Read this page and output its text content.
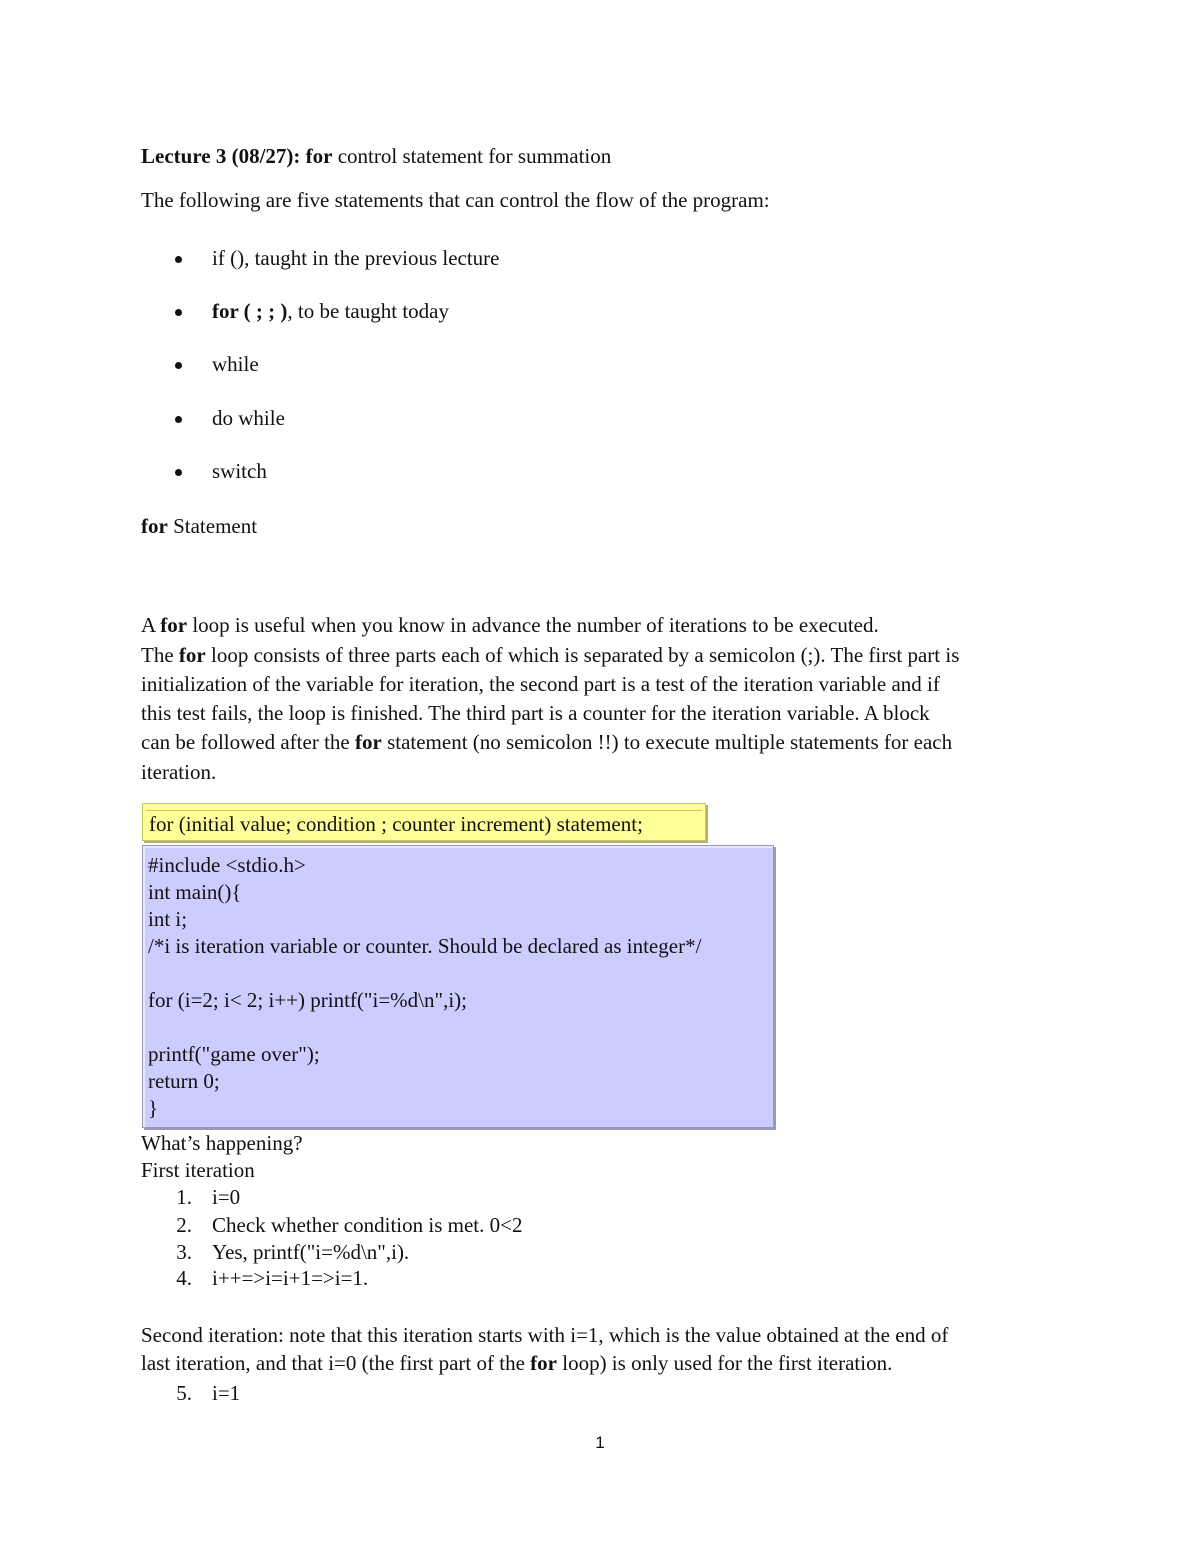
Lecture 3 (08/27): for control statement for summation
The following are five statements that can control the flow of the program:
if (), taught in the previous lecture
for ( ; ; ), to be taught today
while
do while
switch
for Statement
A for loop is useful when you know in advance the number of iterations to be executed.
The for loop consists of three parts each of which is separated by a semicolon (;). The first part is
initialization of the variable for iteration, the second part is a test of the iteration variable and if
this test fails, the loop is finished. The third part is a counter for the iteration variable. A block
can be followed after the for statement (no semicolon !!) to execute multiple statements for each
iteration.
for (initial value; condition ; counter increment) statement;
#include <stdio.h>
int main(){
int i;
/*i is iteration variable or counter. Should be declared as integer*/
for (i=2; i< 2; i++) printf("i=%d\n",i);
printf("game over");
return 0;
}
What’s happening?
First iteration
1. i=0
2. Check whether condition is met. 0<2
3. Yes, printf("i=%d\n",i).
4. i++=>i=i+1=>i=1.
Second iteration: note that this iteration starts with i=1, which is the value obtained at the end of
last iteration, and that i=0 (the first part of the for loop) is only used for the first iteration.
5. i=1
1
